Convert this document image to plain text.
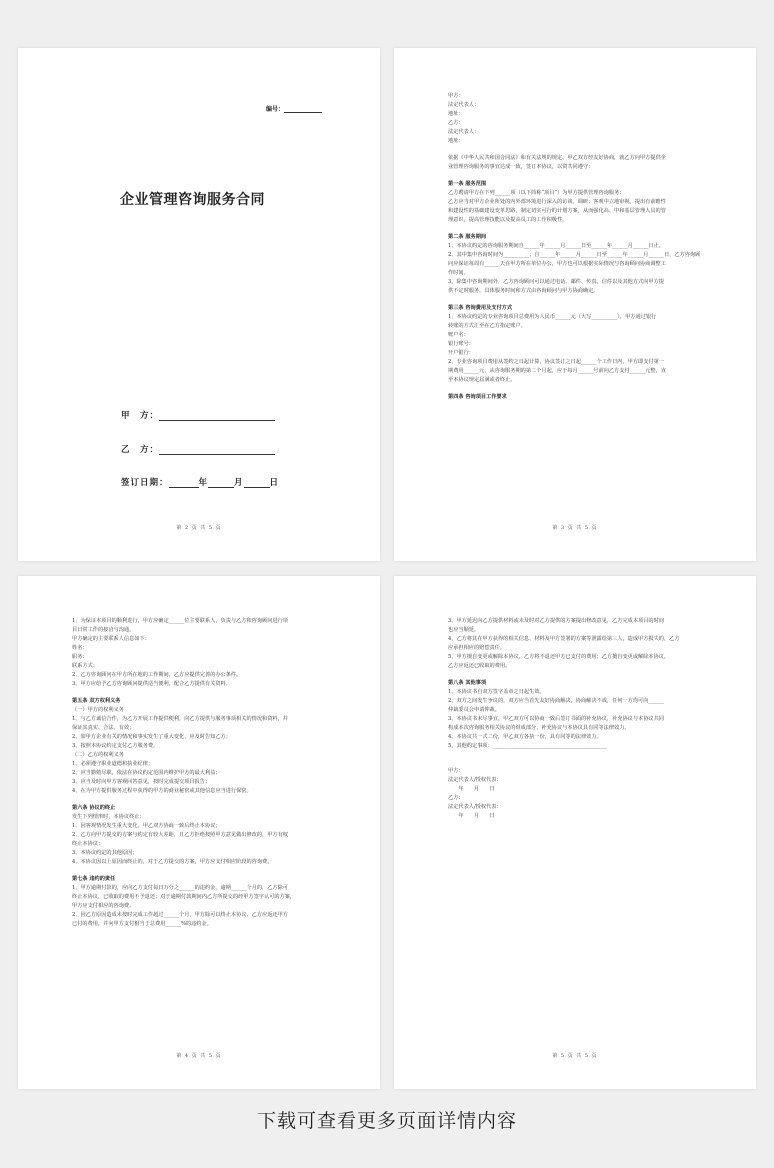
编号：
企业管理咨询服务合同
甲　方：
乙　方：
签订日期：	年	月	日
第 2 页 共 5 页

甲方：

法定代表人：

地址：

乙方：

法定代表人：

地址：

依据《中华人民共和国合同法》和有关法规的规定，甲乙双方经友好协商，就乙方向甲方提供企

业管理咨询服务的事宜达成一致，签订本协议，以资共同遵守：

第一条 服务范围

乙方聘请甲方在下列______项（以下简称“项目”）为甲方提供管理咨询服务：

乙方应当对甲方企业所处的内外部环境进行深入的访谈、调研；客观中立地审视，提出有前瞻性

和建设性的基础建设变革思路，制定切实可行的计划方案，从而强化高、中和基层管理人员的管

理意识，提高管理技能以及提高员工的工作积极性。

第二条 服务期间

1、本协议约定的咨询服务期间自______年______月______日至______年______月______日止。

2、其中集中咨询时间为__________；自______年______月______日至______年______月______日，乙方咨询顾

问应保证每周有______天在甲方所在单位办公，甲方也可以根据实际情况与咨询顾问协商调整工

作时间。

3、除集中咨询期间外，乙方咨询顾问可以通过电话、邮件、传真、信件以及其他方式向甲方提

供不定时服务，具体服务时间和方式由咨询顾问与甲方协商确定。

第三条 咨询费用及支付方式

1、本协议约定的专业咨询项目总费用为人民币______元（大写__________），甲方通过银行

转账的方式汇至在乙方指定账户。

账户名：

银行账号：

开户银行：

2、专业咨询项目费用从签约之日起计算，协议签订之日起______个工作日内，甲方即支付第一

期费用______元，从咨询服务期的第二个月起，应于每月______号前向乙方支付______元整，直

至本协议规定届满或者终止。

第四条 咨询项目工作要求

第 3 页 共 5 页

1、为保证本项目的顺利进行，甲方应确定______位主要联系人，负责与乙方和咨询顾问进行项

目日常工作的接洽与沟通。

甲方确定的主要联系人信息如下：

姓名：

职务：

联系方式：

2、乙方咨询顾问在甲方所在地的工作期间，乙方应提供完善的办公条件。

3、甲方应给予乙方咨询顾问提供适当便利，配合乙方提供有关资料。

第五条 双方权利义务

（一）甲方的权利义务

1、与乙方诚信合作，为乙方开展工作提供便利，向乙方提供与服务事项相关的情况和资料，并

保证其真实、合法、有效；

2、如甲方企业有关的情况和事实发生了重大变化，应及时告知乙方；

3、按照本协议约定支付乙方服务费。

（二）乙方的权利义务

1、必须遵守职业道德和执业纪律；

2、应当勤勉尽职，依法在协议约定范围内维护甲方的最大利益；

3、应当及时向甲方客观回答意见，按时完成提交项目报告；

4、在为甲方提供服务过程中获得的甲方的商业秘密或其他信息应当进行保密。

第六条 协议的终止

发生下列情形时，本协议终止：

1、因客观情况发生重大变化，甲乙双方协商一致后终止本协议；

2、乙方向甲方提交的方案与约定有较大差距，且乙方拒绝按照甲方意见做出修改的，甲方有权

终止本协议；

3、本协议约定的其他原因；

4、本协议因以上原因而终止的，对于乙方提交的方案，甲方应支付相应阶段的咨询费。

第七条 违约的责任

1、甲方逾期付款的，应向乙方支付每日万分之______的违约金。逾期______个月的，乙方除可

终止本协议，已收取的费用不予退还；对于逾期付款期间内乙方所提交的经甲方签字认可的方案，

甲方应支付相应的咨询费。

2、因乙方原因造成未按时完成工作超过______个月，甲方除可以终止本协议，乙方应返还甲方

已付的费用，并向甲方支付相当于总费用______%的违约金。

第 4 页 共 5 页

3、甲方延迟向乙方提供材料或未及时对乙方提供的方案提出修改意见，乙方完成本项目的时间

也应当顺延。

4、乙方将其在甲方获得的相关信息、材料及甲方签署的方案等泄露给第三人，造成甲方损失的，乙方

应承担相应的赔偿责任。

5、甲方擅自变更或解除本协议，乙方将不退还甲方已支付的费用；乙方擅自变更或解除本协议，

乙方应返还已收取的费用。

第八条 其他事项

1、本协议书自双方签字盖章之日起生效。

2、双方之间发生争议的，双方应当首先友好协商解决，协商解决不成，任何一方均可向______

仲裁委员会申请仲裁。

3、本协议书未尽事宜，甲乙双方可以协商一致后签订书面的补充协议，补充协议与本协议共同

构成本次咨询服务相关协议的组成部分，补充协议与本协议具有同等法律效力。

4、本协议共一式二份，甲乙双方各执一份，具有同等的法律效力。

5、其他约定事项：____________________________________________

甲方：

法定代表人/授权代表：

　　年　　月　　日

乙方：

法定代表人/授权代表：

　　年　　月　　日

第 5 页 共 5 页
下载可查看更多页面详情内容
